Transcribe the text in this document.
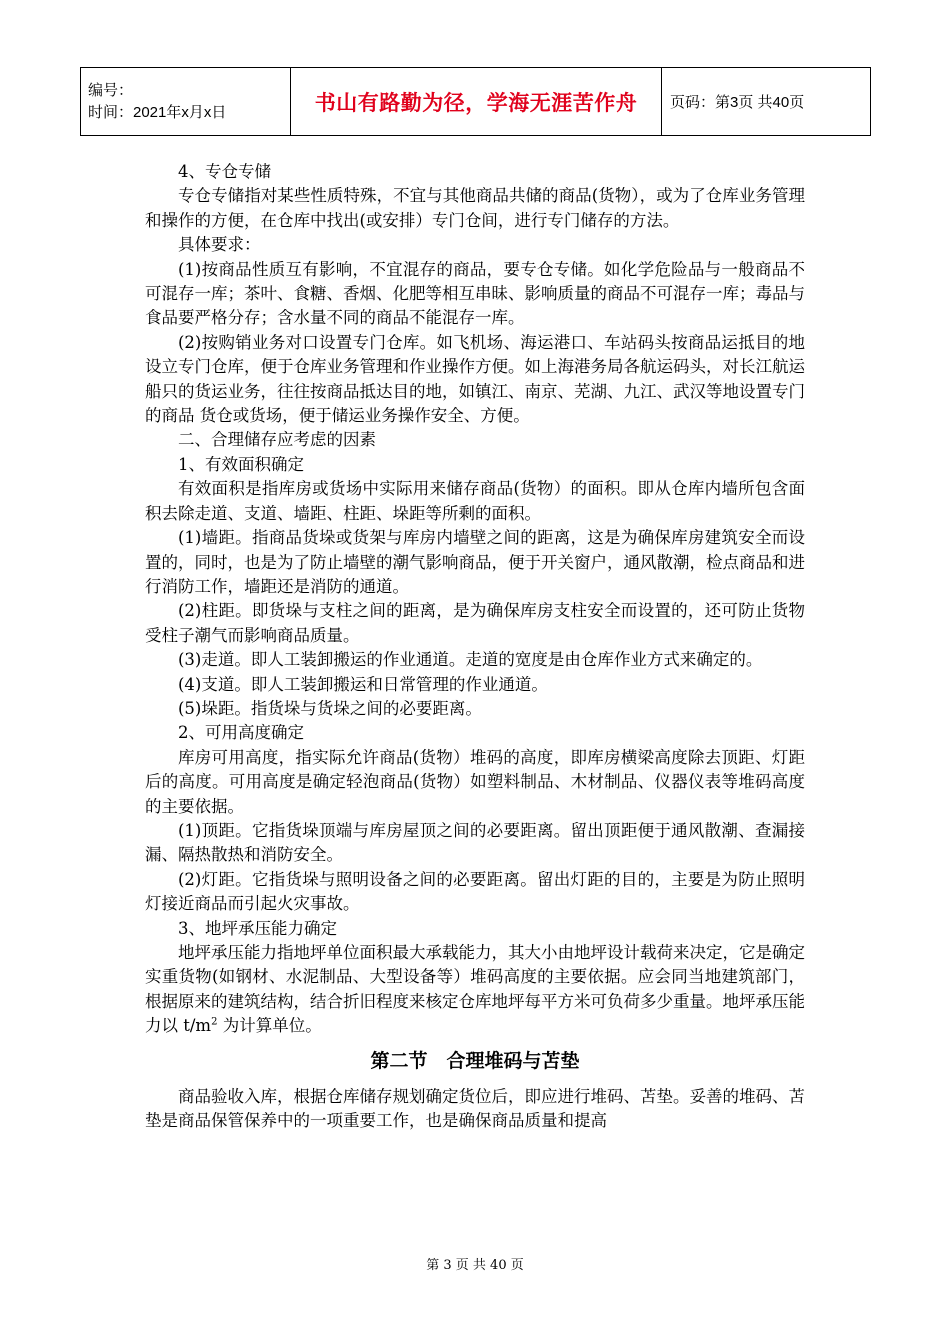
编号：
时间：2021年x月x日	书山有路勤为径，学海无涯苦作舟	页码：第3页 共40页

4、专仓专储

专仓专储指对某些性质特殊，不宜与其他商品共储的商品(货物），或为了仓库业务管理和操作的方便，在仓库中找出(或安排）专门仓间，进行专门储存的方法。

具体要求：

(1)按商品性质互有影响，不宜混存的商品，要专仓专储。如化学危险品与一般商品不可混存一库；茶叶、食糖、香烟、化肥等相互串昧、影响质量的商品不可混存一库；毒品与食品要严格分存；含水量不同的商品不能混存一库。

(2)按购销业务对口设置专门仓库。如飞机场、海运港口、车站码头按商品运抵目的地设立专门仓库，便于仓库业务管理和作业操作方便。如上海港务局各航运码头，对长江航运船只的货运业务，往往按商品抵达目的地，如镇江、南京、芜湖、九江、武汉等地设置专门的商品 货仓或货场，便于储运业务操作安全、方便。

二、合理储存应考虑的因素

1、有效面积确定

有效面积是指库房或货场中实际用来储存商品(货物）的面积。即从仓库内墙所包含面积去除走道、支道、墙距、柱距、垛距等所剩的面积。

(1)墙距。指商品货垛或货架与库房内墙壁之间的距离，这是为确保库房建筑安全而设置的，同时，也是为了防止墙壁的潮气影响商品，便于开关窗户，通风散潮，检点商品和进行消防工作，墙距还是消防的通道。

(2)柱距。即货垛与支柱之间的距离，是为确保库房支柱安全而设置的，还可防止货物受柱子潮气而影响商品质量。

(3)走道。即人工装卸搬运的作业通道。走道的宽度是由仓库作业方式来确定的。

(4)支道。即人工装卸搬运和日常管理的作业通道。

(5)垛距。指货垛与货垛之间的必要距离。

2、可用高度确定

库房可用高度，指实际允许商品(货物）堆码的高度，即库房横梁高度除去顶距、灯距后的高度。可用高度是确定轻泡商品(货物）如塑料制品、木材制品、仪器仪表等堆码高度的主要依据。

(1)顶距。它指货垛顶端与库房屋顶之间的必要距离。留出顶距便于通风散潮、查漏接漏、隔热散热和消防安全。

(2)灯距。它指货垛与照明设备之间的必要距离。留出灯距的目的，主要是为防止照明灯接近商品而引起火灾事故。

3、地坪承压能力确定

地坪承压能力指地坪单位面积最大承载能力，其大小由地坪设计载荷来决定，它是确定实重货物(如钢材、水泥制品、大型设备等）堆码高度的主要依据。应会同当地建筑部门，根据原来的建筑结构，结合折旧程度来核定仓库地坪每平方米可负荷多少重量。地坪承压能力以 $t/m^2$ 为计算单位。

第二节　合理堆码与苫垫

商品验收入库，根据仓库储存规划确定货位后，即应进行堆码、苫垫。妥善的堆码、苫垫是商品保管保养中的一项重要工作，也是确保商品质量和提高

第 3 页 共 40 页
